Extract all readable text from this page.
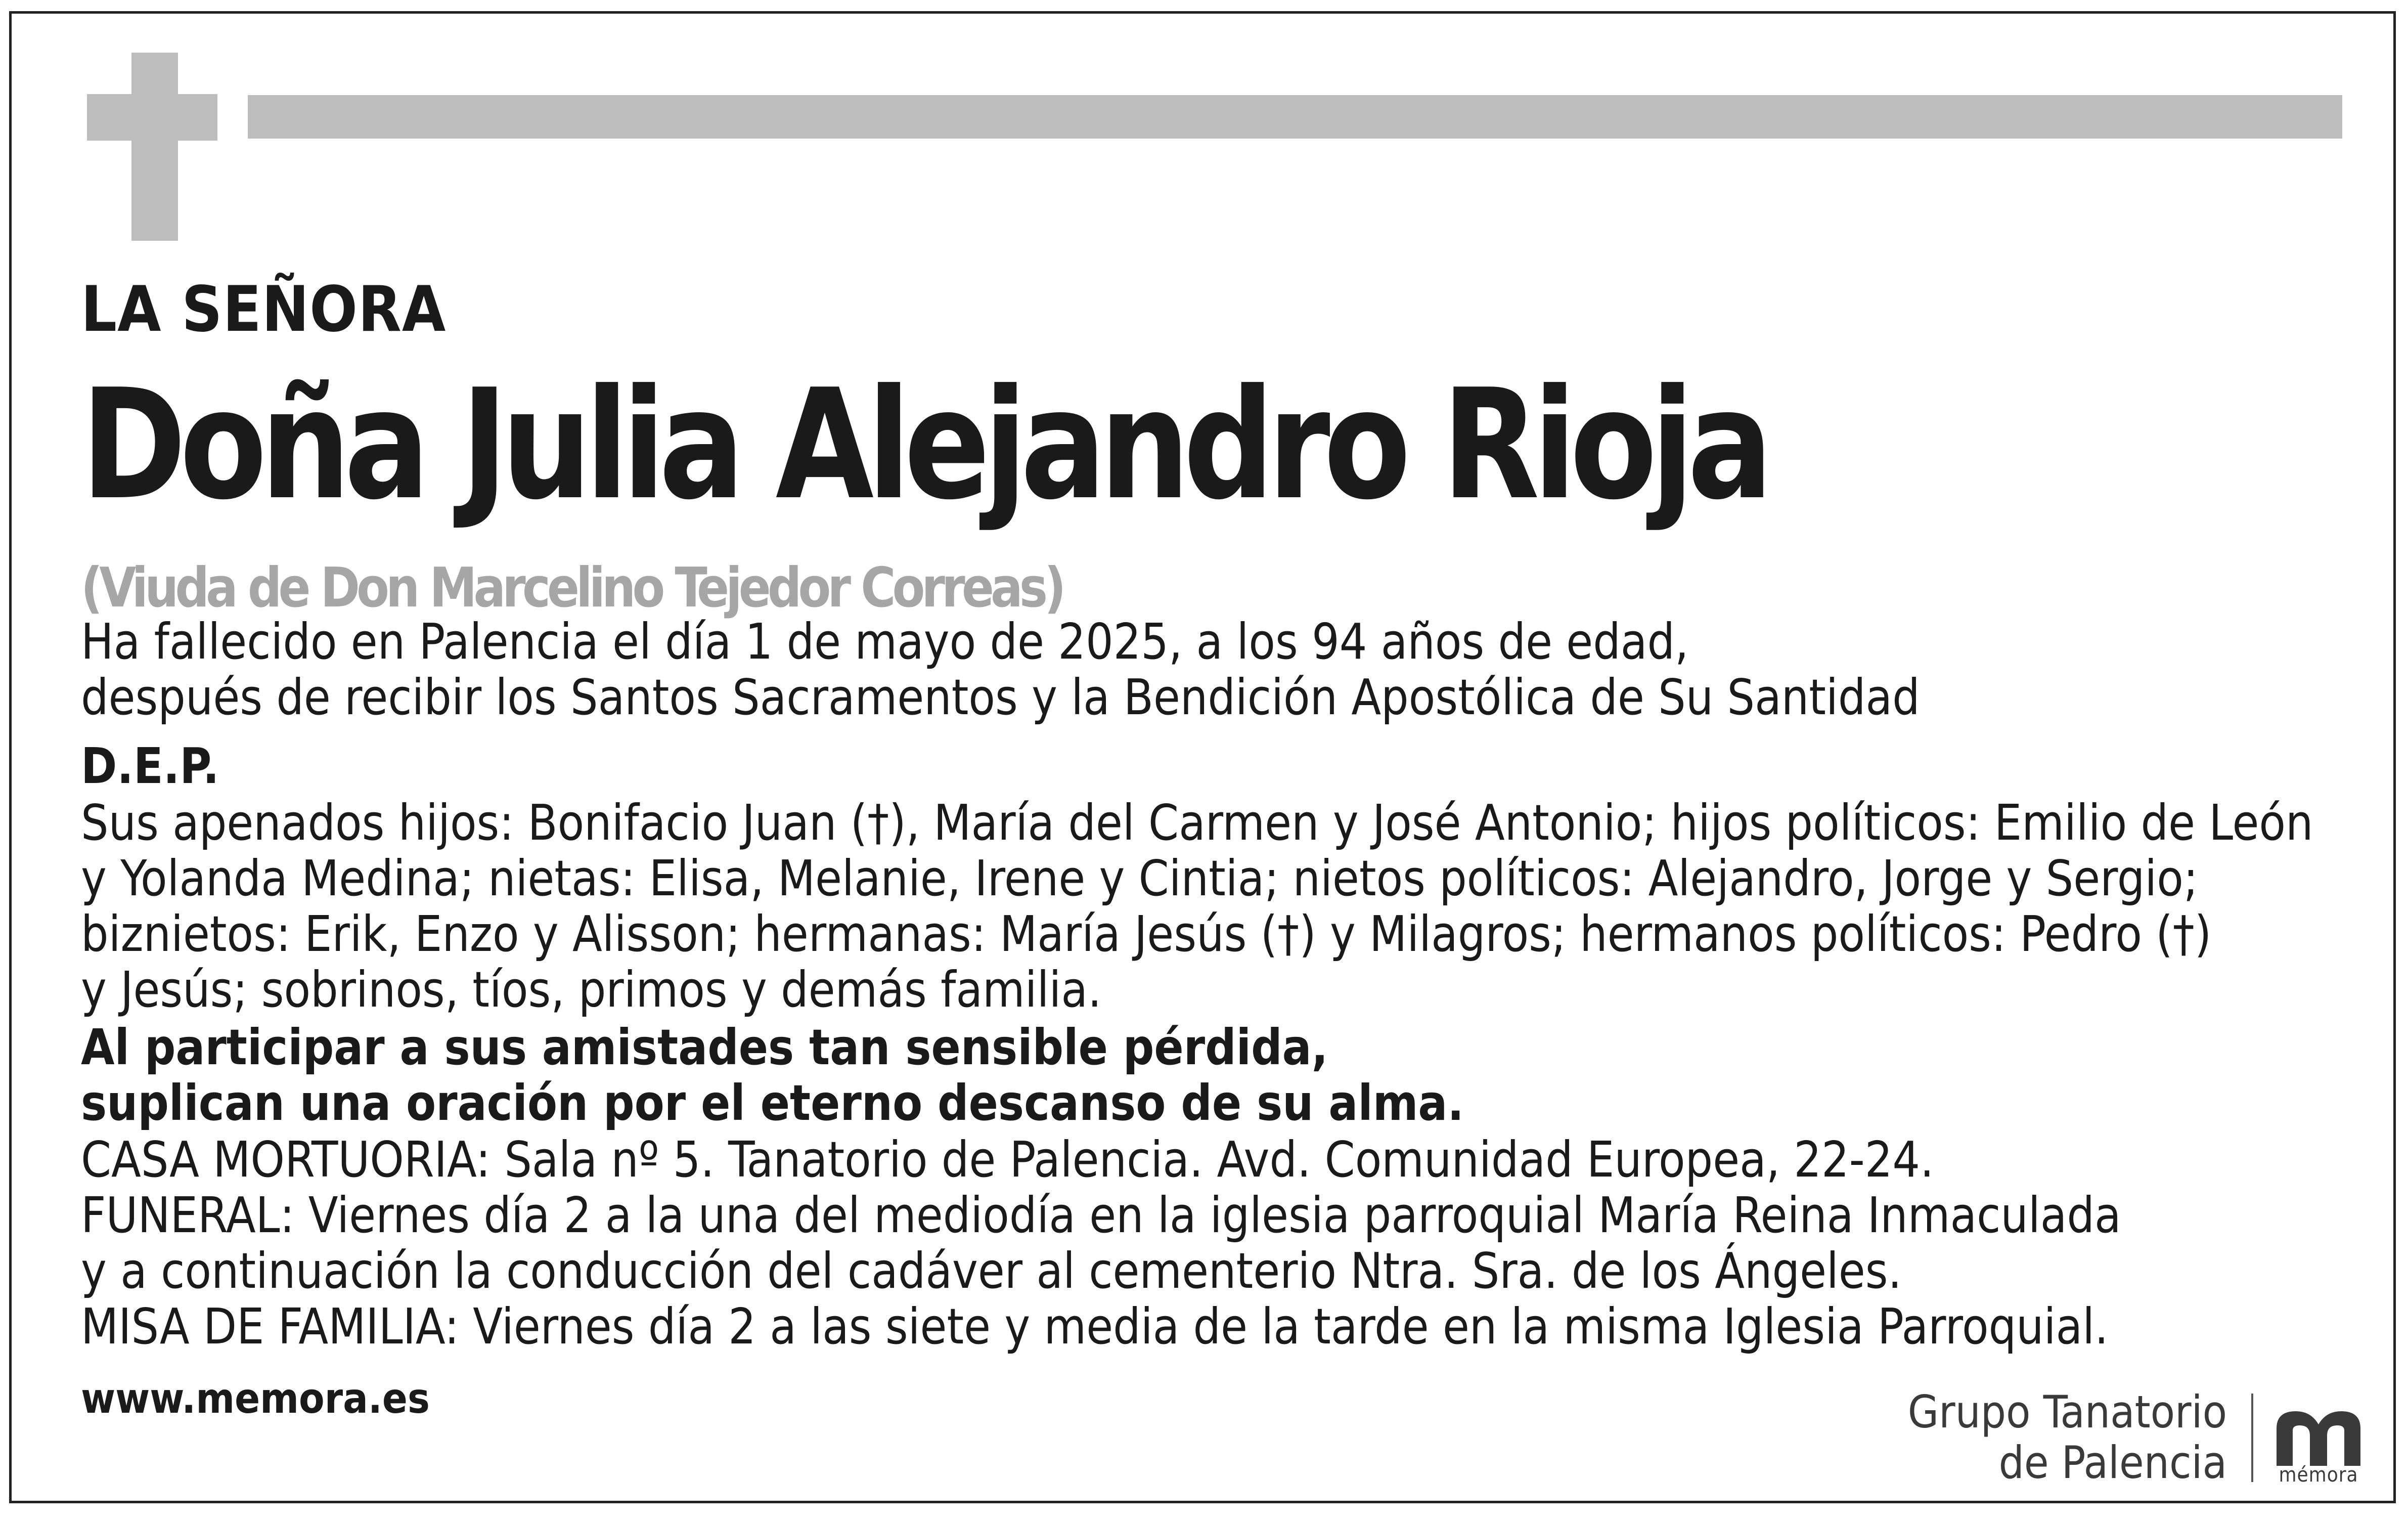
LA SEÑORA
Doña Julia Alejandro Rioja
(Viuda de Don Marcelino Tejedor Correas)
Ha fallecido en Palencia el día 1 de mayo de 2025, a los 94 años de edad,
después de recibir los Santos Sacramentos y la Bendición Apostólica de Su Santidad
D.E.P.
Sus apenados hijos: Bonifacio Juan (†), María del Carmen y José Antonio; hijos políticos: Emilio de León
y Yolanda Medina; nietas: Elisa, Melanie, Irene y Cintia; nietos políticos: Alejandro, Jorge y Sergio;
biznietos: Erik, Enzo y Alisson; hermanas: María Jesús (†) y Milagros; hermanos políticos: Pedro (†)
y Jesús; sobrinos, tíos, primos y demás familia.
Al participar a sus amistades tan sensible pérdida,
suplican una oración por el eterno descanso de su alma.
CASA MORTUORIA: Sala nº 5. Tanatorio de Palencia. Avd. Comunidad Europea, 22-24.
FUNERAL: Viernes día 2 a la una del mediodía en la iglesia parroquial María Reina Inmaculada
y a continuación la conducción del cadáver al cementerio Ntra. Sra. de los Ángeles.
MISA DE FAMILIA: Viernes día 2 a las siete y media de la tarde en la misma Iglesia Parroquial.
www.memora.es	Grupo Tanatorio
de Palencia	mémora
